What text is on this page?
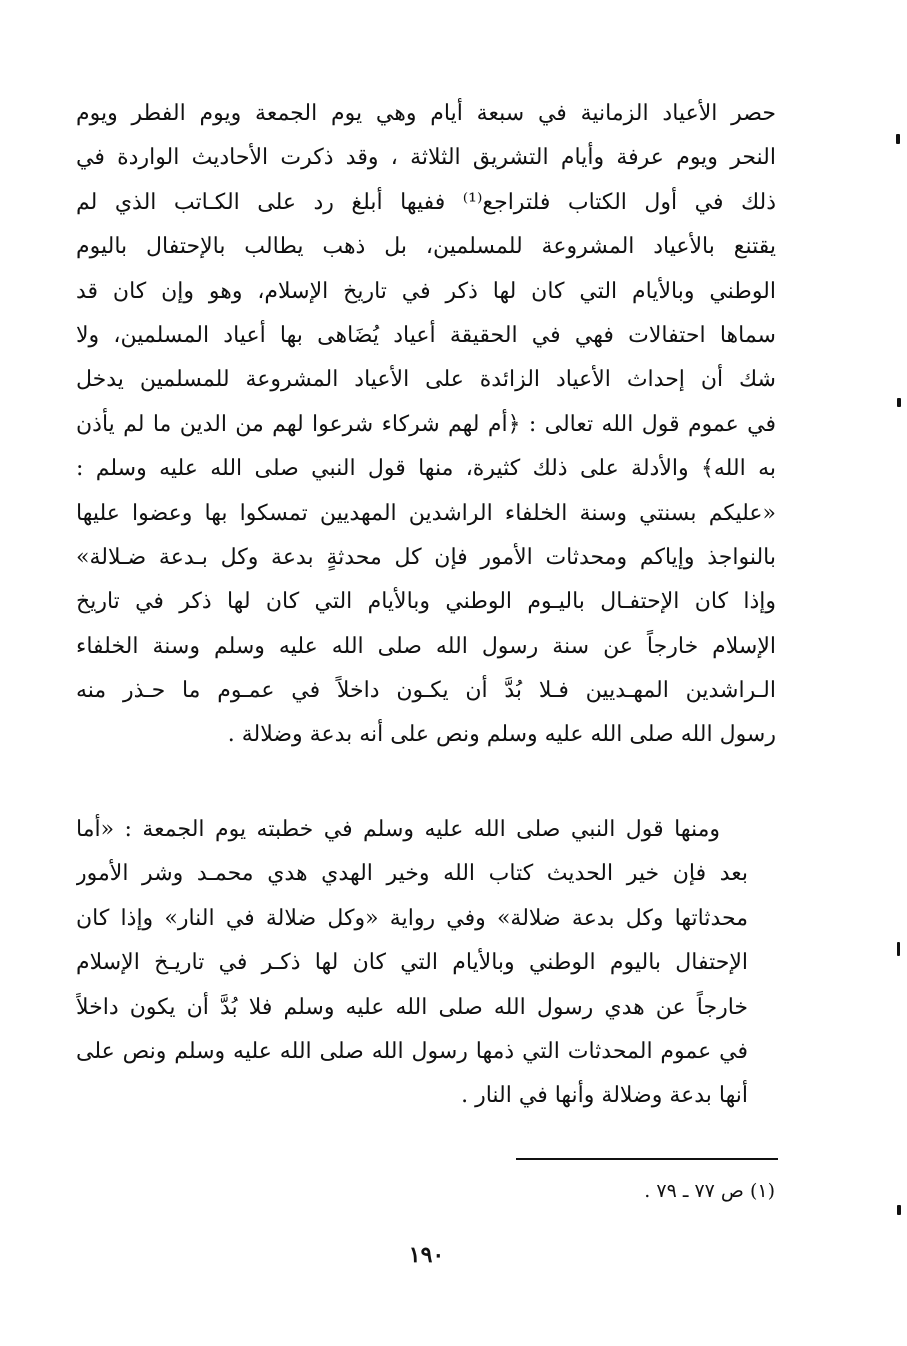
حصر الأعياد الزمانية في سبعة أيام وهي يوم الجمعة ويوم الفطر ويوم
النحر ويوم عرفة وأيام التشريق الثلاثة ، وقد ذكرت الأحاديث الواردة في
ذلك في أول الكتاب فلتراجع⁽¹⁾ ففيها أبلغ رد على الكـاتب الذي لم
يقتنع بالأعياد المشروعة للمسلمين، بل ذهب يطالب بالإحتفال باليوم
الوطني وبالأيام التي كان لها ذكر في تاريخ الإسلام، وهو وإن كان قد
سماها احتفالات فهي في الحقيقة أعياد يُضَاهى بها أعياد المسلمين، ولا
شك أن إحداث الأعياد الزائدة على الأعياد المشروعة للمسلمين يدخل
في عموم قول الله تعالى : ﴿أم لهم شركاء شرعوا لهم من الدين ما لم يأذن
به الله﴾ والأدلة على ذلك كثيرة، منها قول النبي صلى الله عليه وسلم :
«عليكم بسنتي وسنة الخلفاء الراشدين المهديين تمسكوا بها وعضوا عليها
بالنواجذ وإياكم ومحدثات الأمور فإن كل محدثةٍ بدعة وكل بـدعة ضـلالة»
وإذا كان الإحتفـال باليـوم الوطني وبالأيام التي كان لها ذكر في تاريخ
الإسلام خارجاً عن سنة رسول الله صلى الله عليه وسلم وسنة الخلفاء
الـراشدين المهـديين فـلا بُدَّ أن يكـون داخلاً في عمـوم ما حـذر منه
رسول الله صلى الله عليه وسلم ونص على أنه بدعة وضلالة .
ومنها قول النبي صلى الله عليه وسلم في خطبته يوم الجمعة : «أما
بعد فإن خير الحديث كتاب الله وخير الهدي هدي محمـد وشر الأمور
محدثاتها وكل بدعة ضلالة» وفي رواية «وكل ضلالة في النار» وإذا كان
الإحتفال باليوم الوطني وبالأيام التي كان لها ذكـر في تاريـخ الإسلام
خارجاً عن هدي رسول الله صلى الله عليه وسلم فلا بُدَّ أن يكون داخلاً
في عموم المحدثات التي ذمها رسول الله صلى الله عليه وسلم ونص على
أنها بدعة وضلالة وأنها في النار .
(١) ص ٧٧ ـ ٧٩ .
١٩٠
